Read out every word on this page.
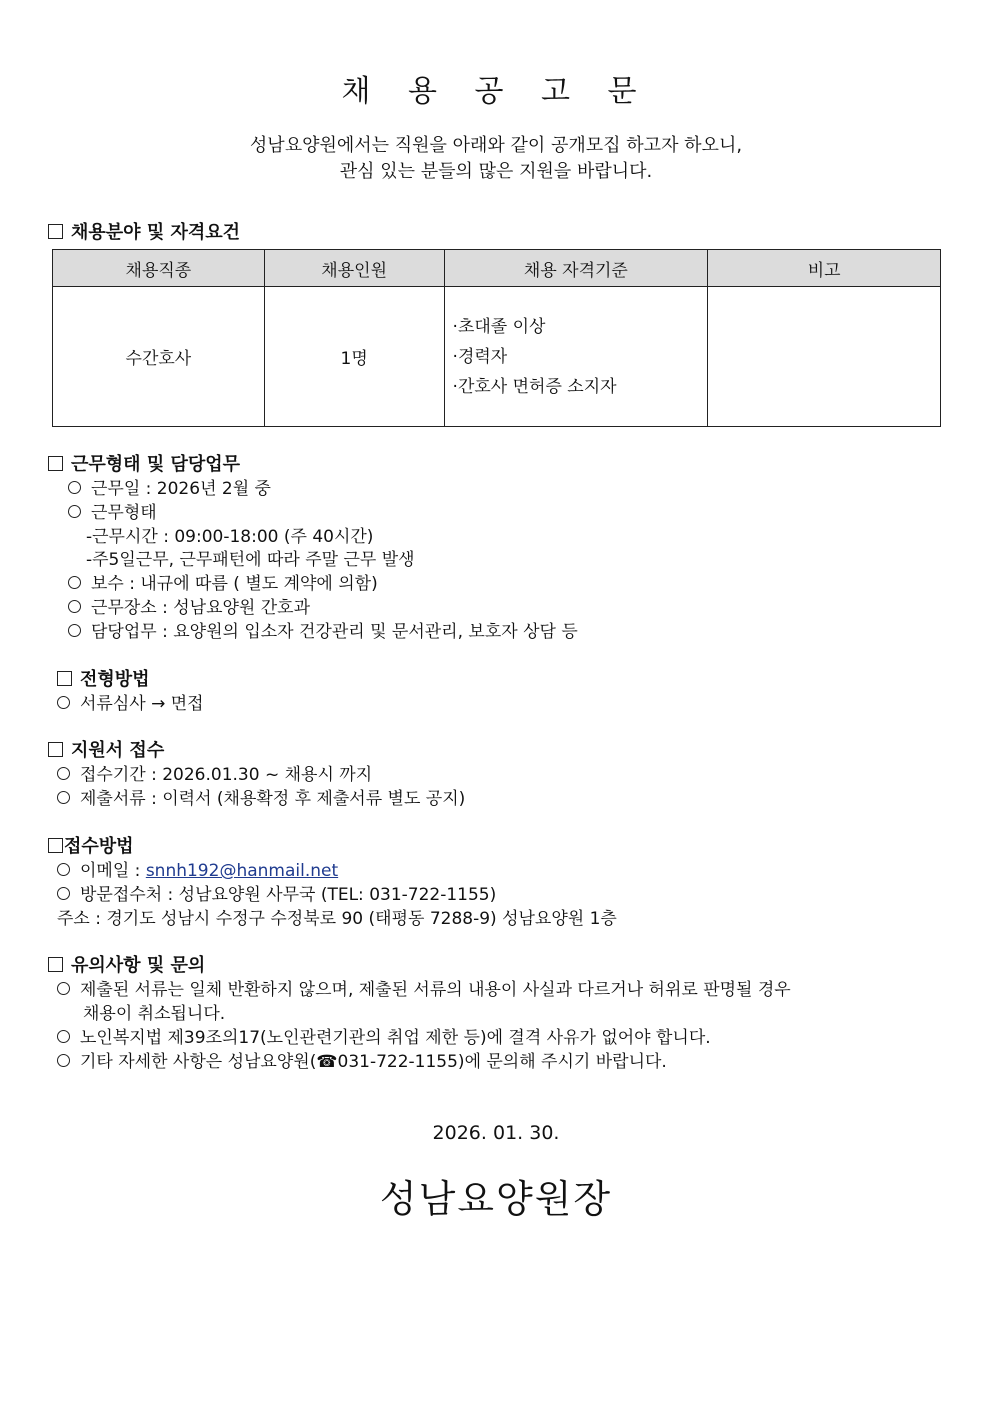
채 용 공 고 문
성남요양원에서는 직원을 아래와 같이 공개모집 하고자 하오니,
관심 있는 분들의 많은 지원을 바랍니다.
채용분야 및 자격요건
채용직종	채용인원	채용 자격기준	비고
수간호사	1명	·초대졸 이상
·경력자
·간호사 면허증 소지자	

근무형태 및 담당업무
근무일 : 2026년 2월 중
근무형태
-근무시간 : 09:00-18:00 (주 40시간)
-주5일근무, 근무패턴에 따라 주말 근무 발생
보수 : 내규에 따름 ( 별도 계약에 의함)
근무장소 : 성남요양원 간호과
담당업무 : 요양원의 입소자 건강관리 및 문서관리, 보호자 상담 등
전형방법
서류심사 → 면접
지원서 접수
접수기간 : 2026.01.30 ~ 채용시 까지
제출서류 : 이력서 (채용확정 후 제출서류 별도 공지)
접수방법
이메일 : snnh192@hanmail.net
방문접수처 : 성남요양원 사무국 (TEL: 031-722-1155)
주소 : 경기도 성남시 수정구 수정북로 90 (태평동 7288-9) 성남요양원 1층
유의사항 및 문의
제출된 서류는 일체 반환하지 않으며, 제출된 서류의 내용이 사실과 다르거나 허위로 판명될 경우
채용이 취소됩니다.
노인복지법 제39조의17(노인관련기관의 취업 제한 등)에 결격 사유가 없어야 합니다.
기타 자세한 사항은 성남요양원(☎031-722-1155)에 문의해 주시기 바랍니다.
2026. 01. 30.
성남요양원장
